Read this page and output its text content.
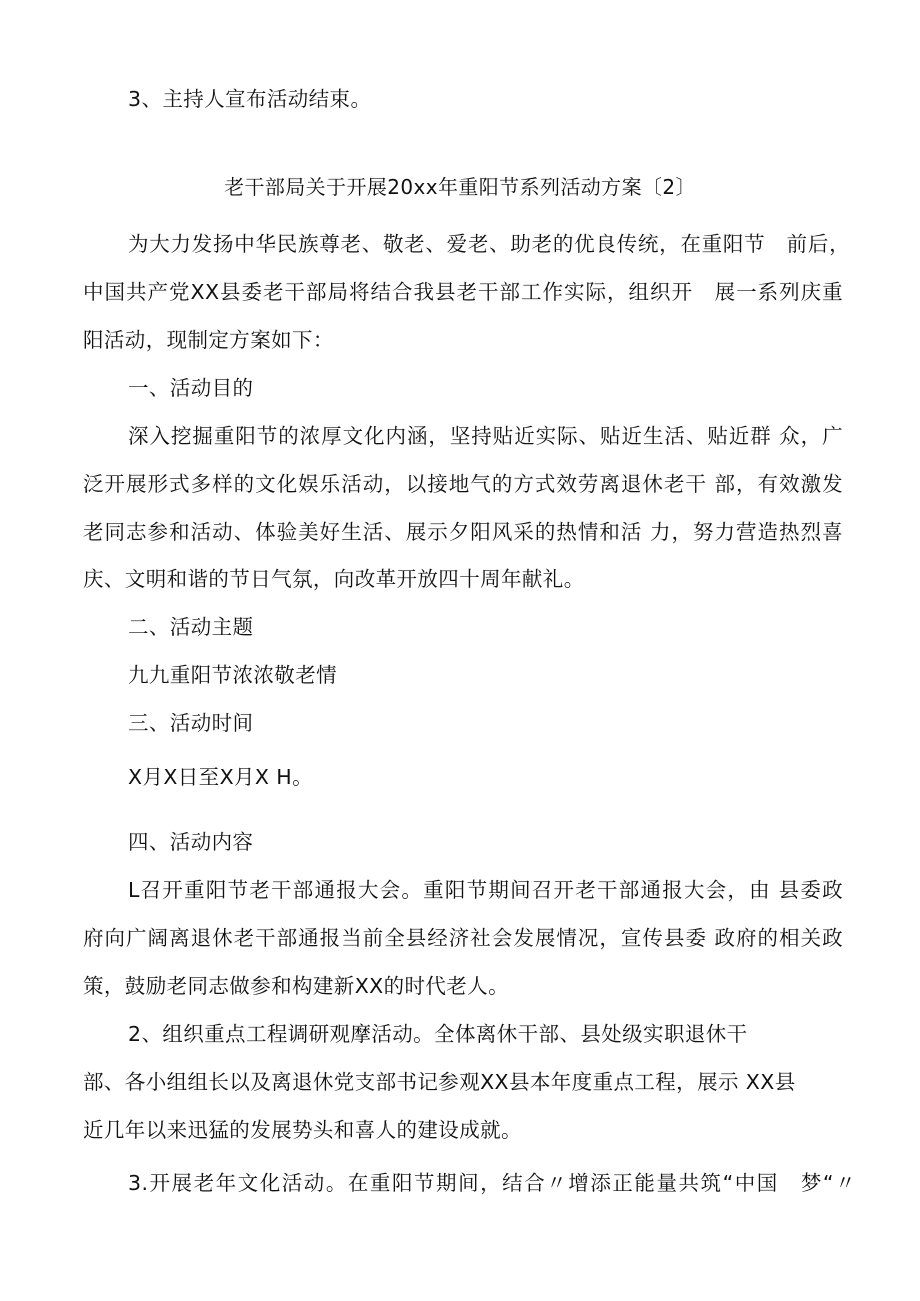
3、主持人宣布活动结束。
老干部局关于开展20xx年重阳节系列活动方案〔2〕
为大力发扬中华民族尊老、敬老、爱老、助老的优良传统，在重阳节　前后，
中国共产党XX县委老干部局将结合我县老干部工作实际，组织开　展一系列庆重
阳活动，现制定方案如下：
一、活动目的
深入挖掘重阳节的浓厚文化内涵，坚持贴近实际、贴近生活、贴近群 众，广
泛开展形式多样的文化娱乐活动，以接地气的方式效劳离退休老干 部，有效激发
老同志参和活动、体验美好生活、展示夕阳风采的热情和活 力，努力营造热烈喜
庆、文明和谐的节日气氛，向改革开放四十周年献礼。
二、活动主题
九九重阳节浓浓敬老情
三、活动时间
X月X日至X月X H。
四、活动内容
L召开重阳节老干部通报大会。重阳节期间召开老干部通报大会，由 县委政
府向广阔离退休老干部通报当前全县经济社会发展情况，宣传县委 政府的相关政
策，鼓励老同志做参和构建新XX的时代老人。
2、组织重点工程调研观摩活动。全体离休干部、县处级实职退休干
部、各小组组长以及离退休党支部书记参观XX县本年度重点工程，展示 XX县
近几年以来迅猛的发展势头和喜人的建设成就。
3.开展老年文化活动。在重阳节期间，结合〃增添正能量共筑“中国　梦“〃
